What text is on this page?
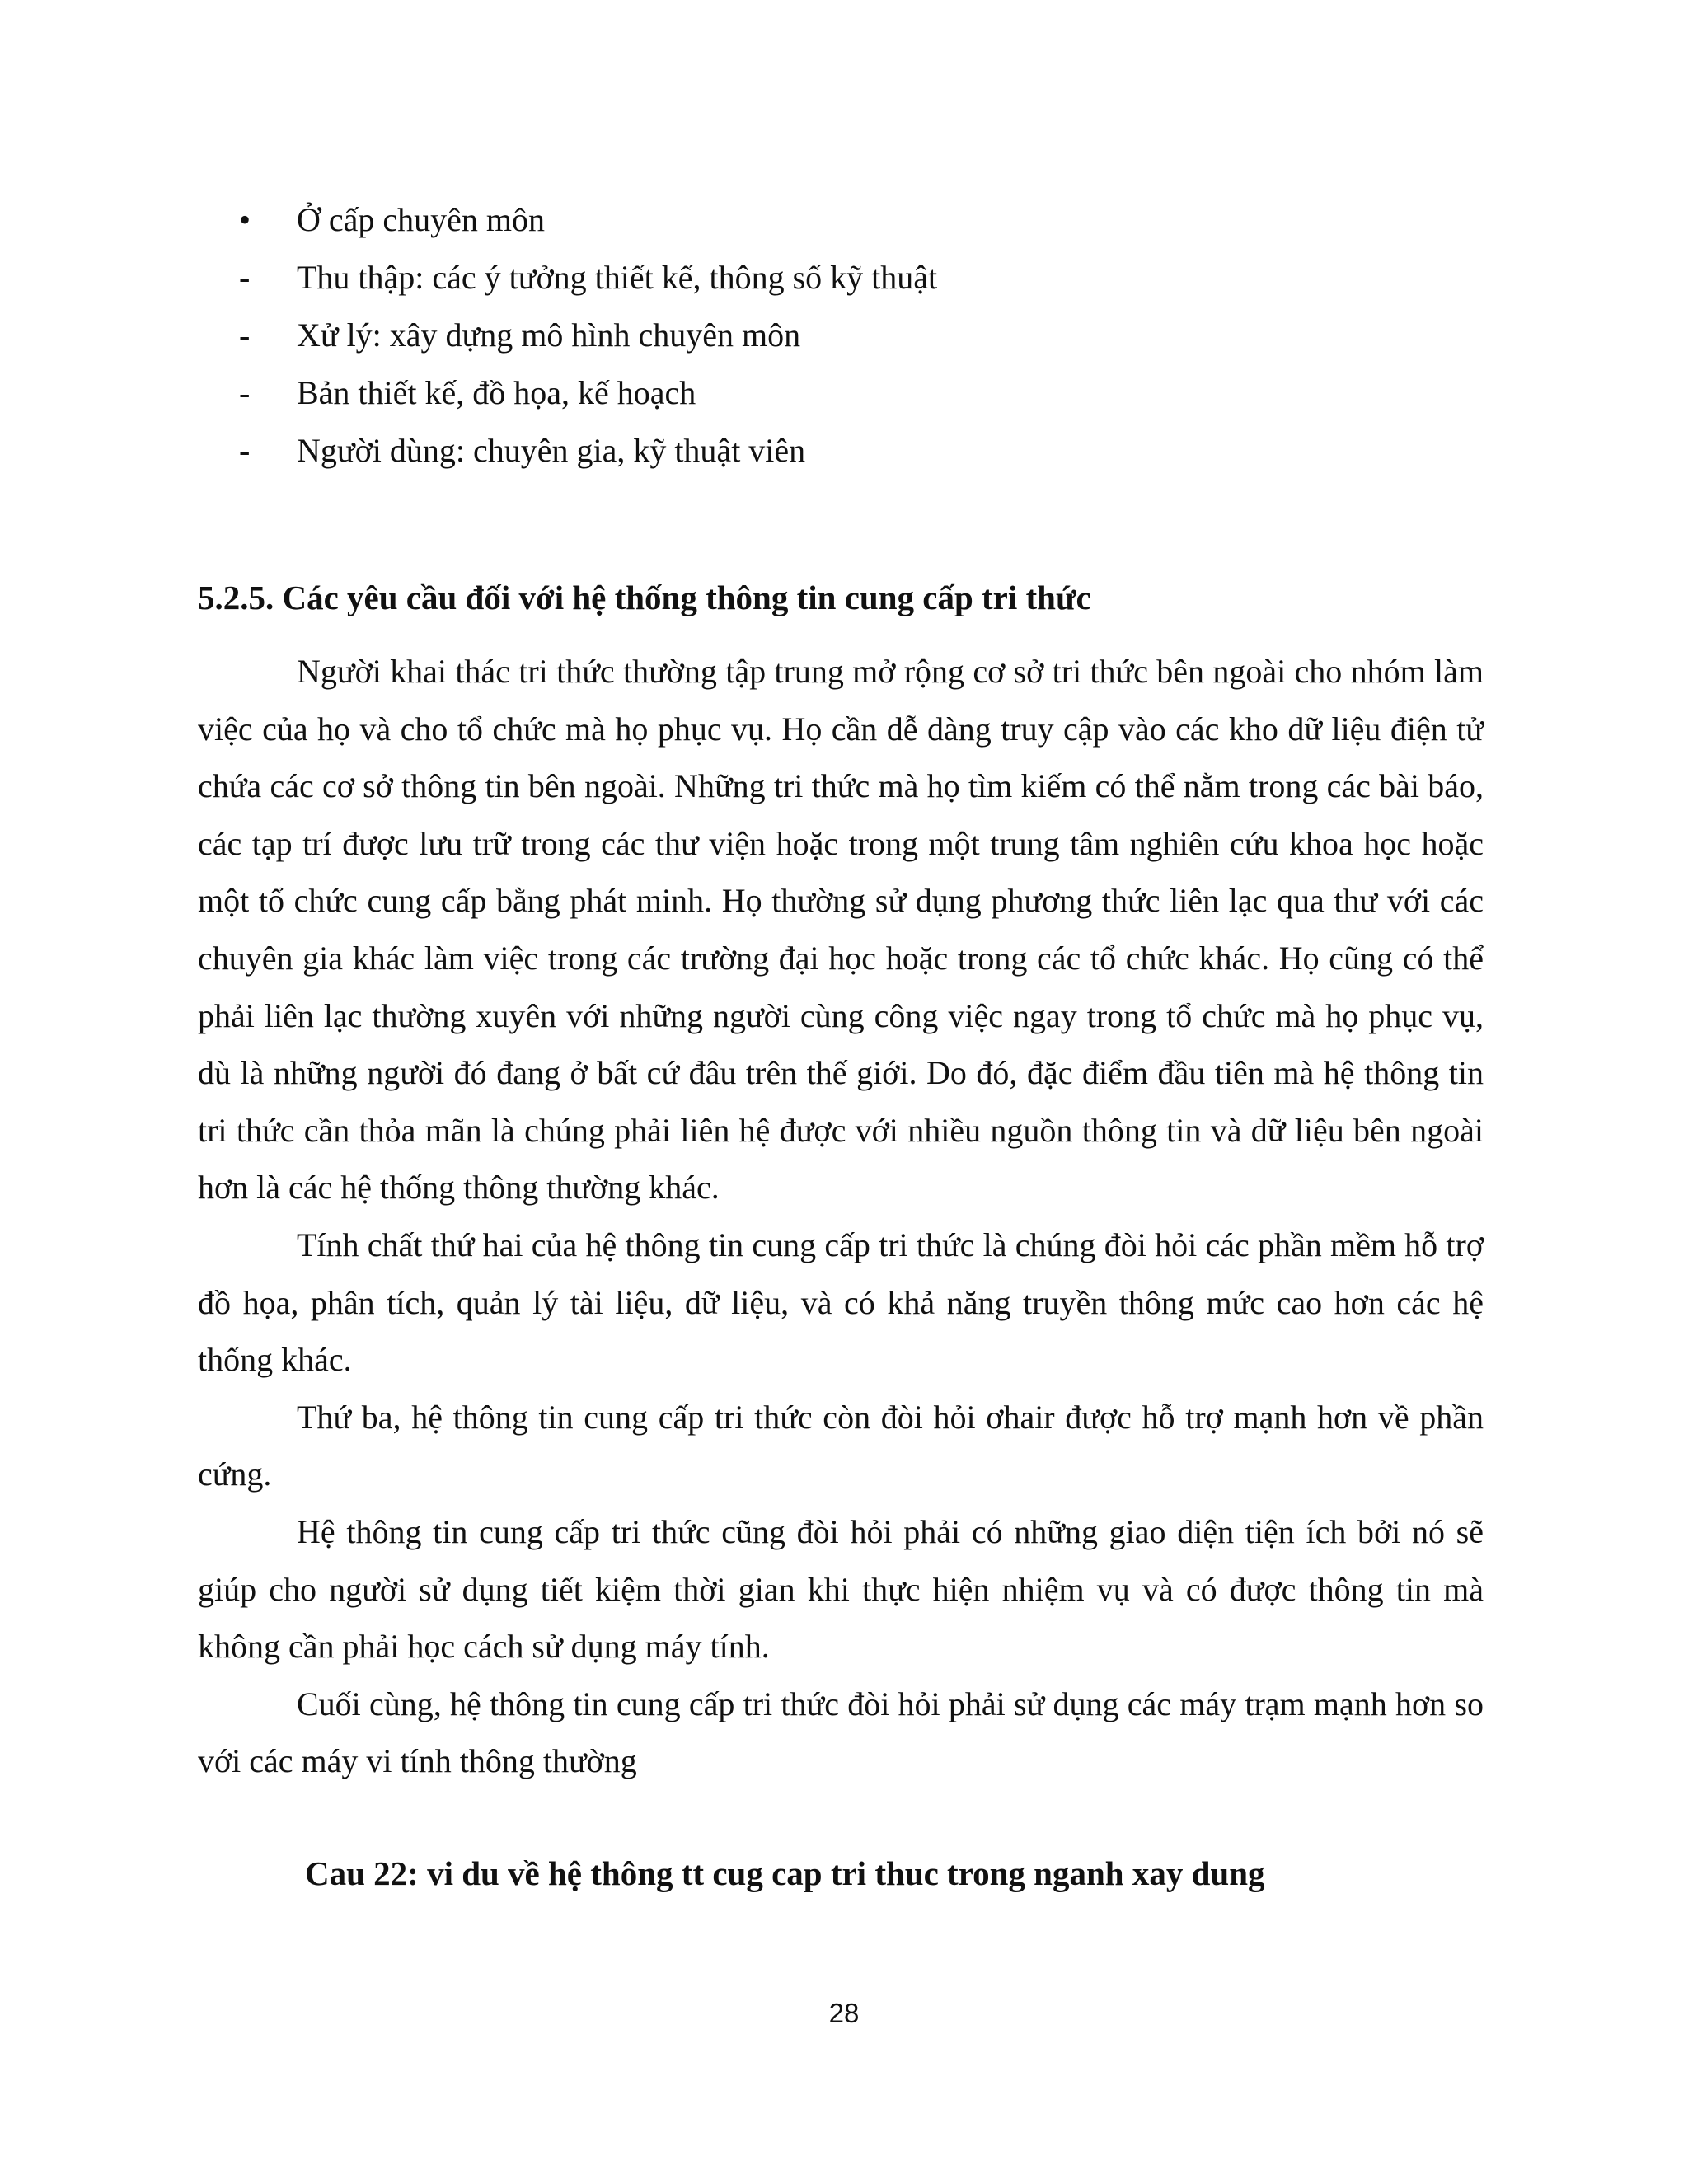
•	Ở cấp chuyên môn
-	Thu thập: các ý tưởng thiết kế, thông số kỹ thuật
-	Xử lý: xây dựng mô hình chuyên môn
-	Bản thiết kế, đồ họa, kế hoạch
-	Người dùng: chuyên gia, kỹ thuật viên
5.2.5. Các yêu cầu đối với hệ thống thông tin cung cấp tri thức

Người khai thác tri thức thường tập trung mở rộng cơ sở tri thức bên ngoài cho nhóm làm việc của họ và cho tổ chức mà họ phục vụ. Họ cần dễ dàng truy cập vào các kho dữ liệu điện tử chứa các cơ sở thông tin bên ngoài. Những tri thức mà họ tìm kiếm có thể nằm trong các bài báo, các tạp trí được lưu trữ trong các thư viện hoặc trong một trung tâm nghiên cứu khoa học hoặc một tổ chức cung cấp bằng phát minh. Họ thường sử dụng phương thức liên lạc qua thư với các chuyên gia khác làm việc trong các trường đại học hoặc trong các tổ chức khác. Họ cũng có thể phải liên lạc thường xuyên với những người cùng công việc ngay trong tổ chức mà họ phục vụ, dù là những người đó đang ở bất cứ đâu trên thế giới. Do đó, đặc điểm đầu tiên mà hệ thông tin tri thức cần thỏa mãn là chúng phải liên hệ được với nhiều nguồn thông tin và dữ liệu bên ngoài hơn là các hệ thống thông thường khác.

Tính chất thứ hai của hệ thông tin cung cấp tri thức là chúng đòi hỏi các phần mềm hỗ trợ đồ họa, phân tích, quản lý tài liệu, dữ liệu, và có khả năng truyền thông mức cao hơn các hệ thống khác.

Thứ ba, hệ thông tin cung cấp tri thức còn đòi hỏi ơhair được hỗ trợ mạnh hơn về phần cứng.

Hệ thông tin cung cấp tri thức cũng đòi hỏi phải có những giao diện tiện ích bởi nó sẽ giúp cho người sử dụng tiết kiệm thời gian khi thực hiện nhiệm vụ và có được thông tin mà không cần phải học cách sử dụng máy tính.

Cuối cùng, hệ thông tin cung cấp tri thức đòi hỏi phải sử dụng các máy trạm mạnh hơn so với các máy vi tính thông thường

Cau 22: vi du về hệ thông tt cug cap tri thuc trong nganh xay dung

28
